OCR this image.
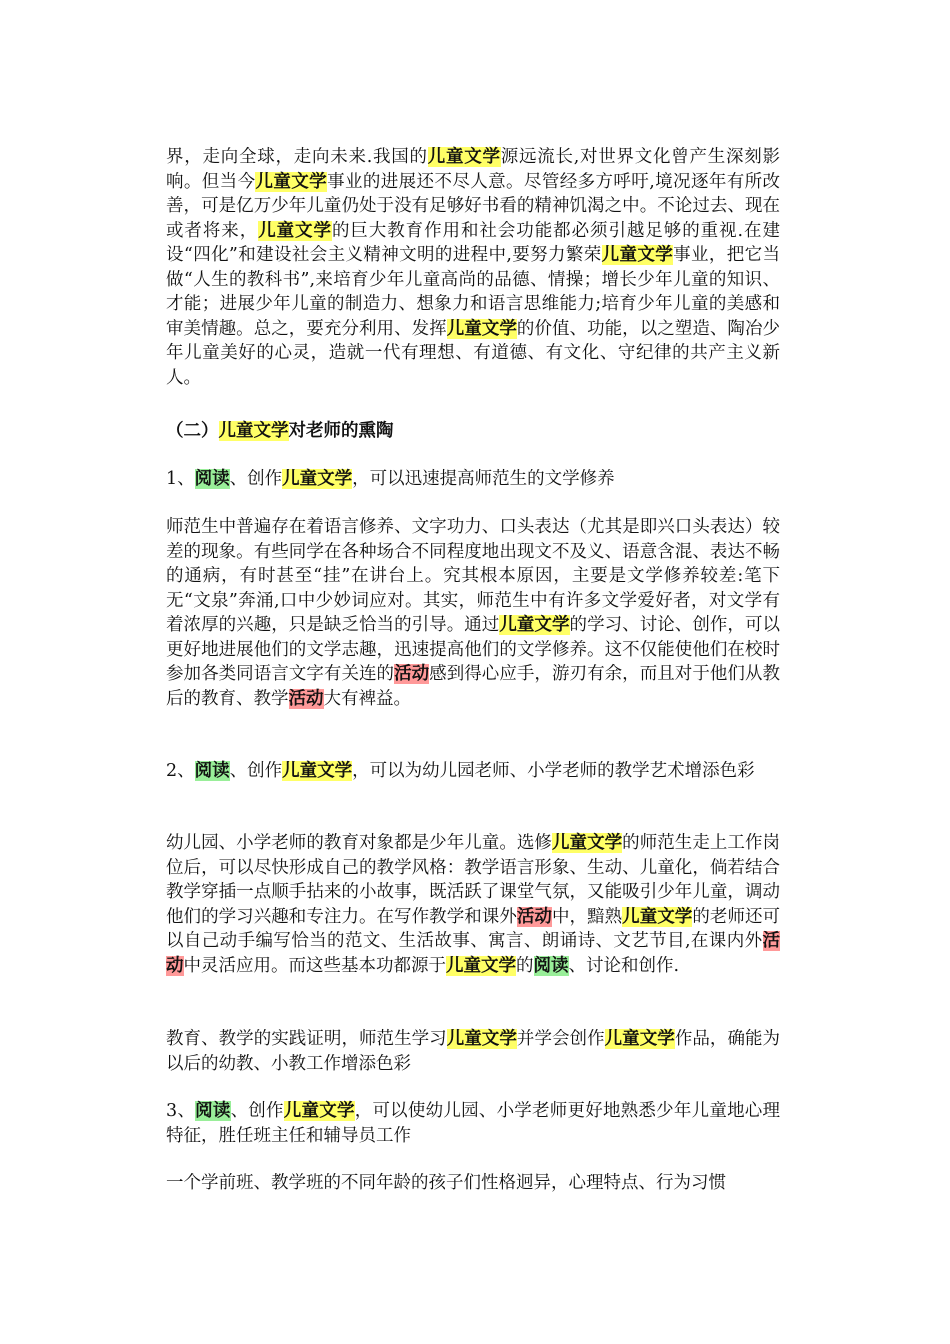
界，走向全球，走向未来.我国的儿童文学源远流长,对世界文化曾产生深刻影响。但当今儿童文学事业的进展还不尽人意。尽管经多方呼吁,境况逐年有所改善，可是亿万少年儿童仍处于没有足够好书看的精神饥渴之中。不论过去、现在或者将来，儿童文学的巨大教育作用和社会功能都必须引越足够的重视.在建设“四化”和建设社会主义精神文明的进程中,要努力繁荣儿童文学事业，把它当做“人生的教科书”,来培育少年儿童高尚的品德、情操；增长少年儿童的知识、才能；进展少年儿童的制造力、想象力和语言思维能力;培育少年儿童的美感和审美情趣。总之，要充分利用、发挥儿童文学的价值、功能，以之塑造、陶冶少年儿童美好的心灵，造就一代有理想、有道德、有文化、守纪律的共产主义新人。

（二）儿童文学对老师的熏陶

1、阅读、创作儿童文学，可以迅速提高师范生的文学修养

师范生中普遍存在着语言修养、文字功力、口头表达（尤其是即兴口头表达）较差的现象。有些同学在各种场合不同程度地出现文不及义、语意含混、表达不畅的通病，有时甚至“挂”在讲台上。究其根本原因，主要是文学修养较差:笔下无“文泉”奔涌,口中少妙词应对。其实，师范生中有许多文学爱好者，对文学有着浓厚的兴趣，只是缺乏恰当的引导。通过儿童文学的学习、讨论、创作，可以更好地进展他们的文学志趣，迅速提高他们的文学修养。这不仅能使他们在校时参加各类同语言文字有关连的活动感到得心应手，游刃有余，而且对于他们从教后的教育、教学活动大有裨益。

2、阅读、创作儿童文学，可以为幼儿园老师、小学老师的教学艺术增添色彩

幼儿园、小学老师的教育对象都是少年儿童。选修儿童文学的师范生走上工作岗位后，可以尽快形成自己的教学风格：教学语言形象、生动、儿童化，倘若结合教学穿插一点顺手拈来的小故事，既活跃了课堂气氛，又能吸引少年儿童，调动他们的学习兴趣和专注力。在写作教学和课外活动中，黯熟儿童文学的老师还可以自己动手编写恰当的范文、生活故事、寓言、朗诵诗、文艺节目,在课内外活动中灵活应用。而这些基本功都源于儿童文学的阅读、讨论和创作.

教育、教学的实践证明，师范生学习儿童文学并学会创作儿童文学作品，确能为以后的幼教、小教工作增添色彩

3、阅读、创作儿童文学，可以使幼儿园、小学老师更好地熟悉少年儿童地心理特征，胜任班主任和辅导员工作

一个学前班、教学班的不同年龄的孩子们性格迥异，心理特点、行为习惯
